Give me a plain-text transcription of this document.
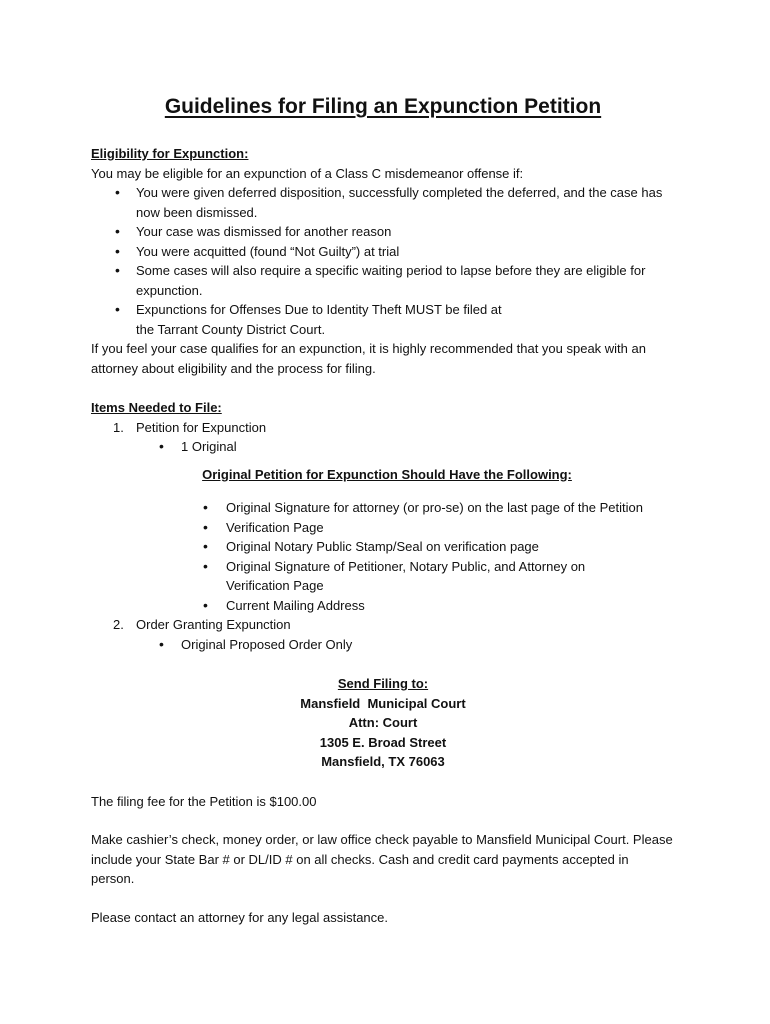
Guidelines for Filing an Expunction Petition
Eligibility for Expunction:
You may be eligible for an expunction of a Class C misdemeanor offense if:
• You were given deferred disposition, successfully completed the deferred, and the case has now been dismissed.
• Your case was dismissed for another reason
• You were acquitted (found “Not Guilty”) at trial
• Some cases will also require a specific waiting period to lapse before they are eligible for expunction.
• Expunctions for Offenses Due to Identity Theft MUST be filed at the Tarrant County District Court.
If you feel your case qualifies for an expunction, it is highly recommended that you speak with an attorney about eligibility and the process for filing.
Items Needed to File:
1. Petition for Expunction
• 1 Original
Original Petition for Expunction Should Have the Following:
• Original Signature for attorney (or pro-se) on the last page of the Petition
• Verification Page
• Original Notary Public Stamp/Seal on verification page
• Original Signature of Petitioner, Notary Public, and Attorney on Verification Page
• Current Mailing Address
2. Order Granting Expunction
• Original Proposed Order Only
Send Filing to:
Mansfield  Municipal Court
Attn: Court
1305 E. Broad Street
Mansfield, TX 76063
The filing fee for the Petition is $100.00
Make cashier’s check, money order, or law office check payable to Mansfield Municipal Court. Please include your State Bar # or DL/ID # on all checks. Cash and credit card payments accepted in person.
Please contact an attorney for any legal assistance.
